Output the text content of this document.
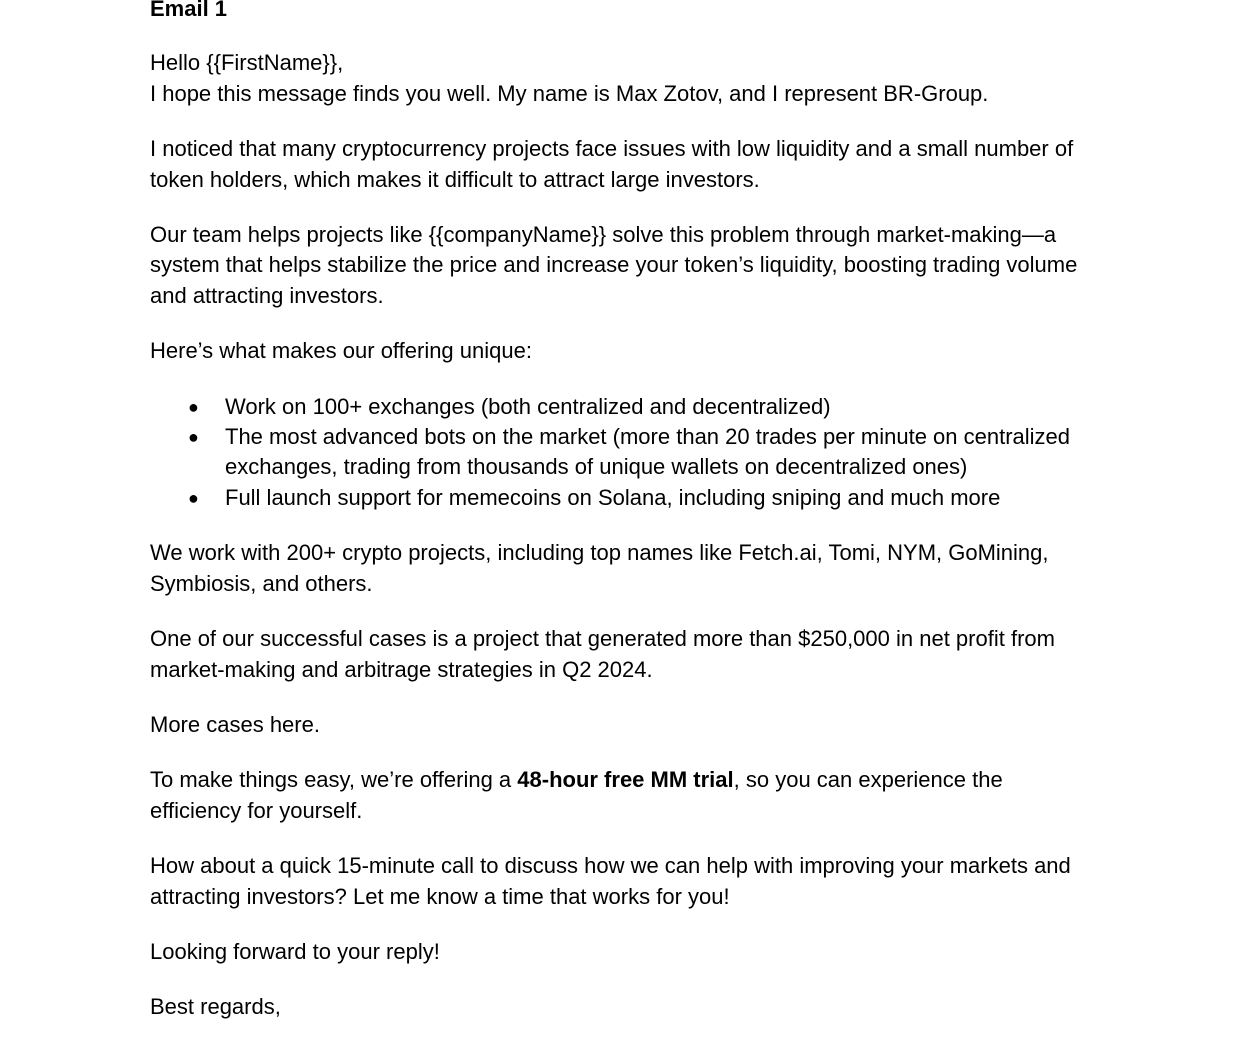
Email 1
Hello {{FirstName}},
I hope this message finds you well. My name is Max Zotov, and I represent BR-Group.

I noticed that many cryptocurrency projects face issues with low liquidity and a small number of token holders, which makes it difficult to attract large investors.

Our team helps projects like {{companyName}} solve this problem through market-making—a system that helps stabilize the price and increase your token’s liquidity, boosting trading volume and attracting investors.

Here’s what makes our offering unique:

● Work on 100+ exchanges (both centralized and decentralized)
● The most advanced bots on the market (more than 20 trades per minute on centralized exchanges, trading from thousands of unique wallets on decentralized ones)
● Full launch support for memecoins on Solana, including sniping and much more

We work with 200+ crypto projects, including top names like Fetch.ai, Tomi, NYM, GoMining, Symbiosis, and others.

One of our successful cases is a project that generated more than $250,000 in net profit from market-making and arbitrage strategies in Q2 2024.

More cases here.

To make things easy, we’re offering a 48-hour free MM trial, so you can experience the efficiency for yourself.

How about a quick 15-minute call to discuss how we can help with improving your markets and attracting investors? Let me know a time that works for you!

Looking forward to your reply!

Best regards,
